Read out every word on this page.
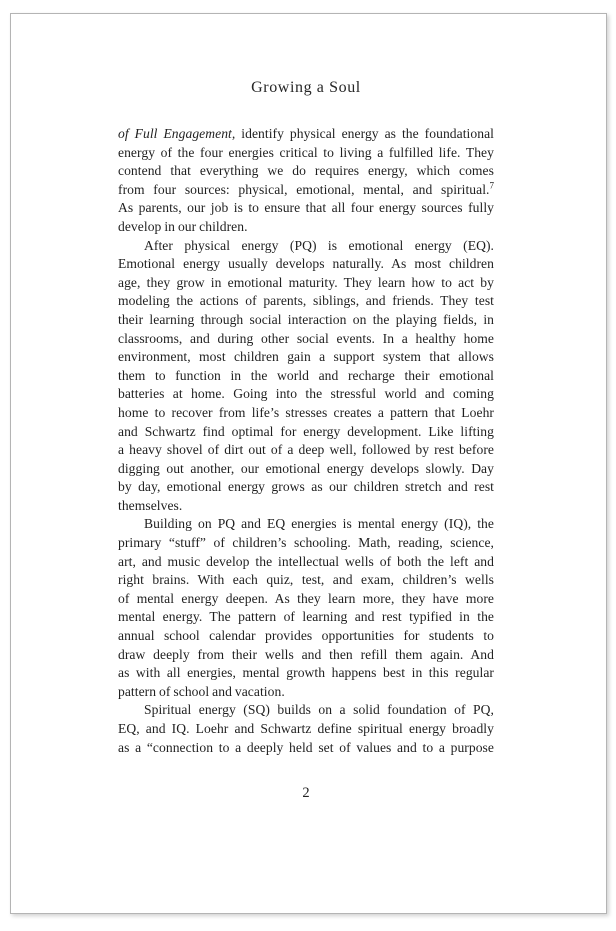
Growing a Soul
of Full Engagement, identify physical energy as the foundational
energy of the four energies critical to living a fulfilled life. They
contend that everything we do requires energy, which comes
from four sources: physical, emotional, mental, and spiritual.$^7$
As parents, our job is to ensure that all four energy sources fully
develop in our children.
After physical energy (PQ) is emotional energy (EQ).
Emotional energy usually develops naturally. As most children
age, they grow in emotional maturity. They learn how to act by
modeling the actions of parents, siblings, and friends. They test
their learning through social interaction on the playing fields, in
classrooms, and during other social events. In a healthy home
environment, most children gain a support system that allows
them to function in the world and recharge their emotional
batteries at home. Going into the stressful world and coming
home to recover from life’s stresses creates a pattern that Loehr
and Schwartz find optimal for energy development. Like lifting
a heavy shovel of dirt out of a deep well, followed by rest before
digging out another, our emotional energy develops slowly. Day
by day, emotional energy grows as our children stretch and rest
themselves.
Building on PQ and EQ energies is mental energy (IQ), the
primary “stuff” of children’s schooling. Math, reading, science,
art, and music develop the intellectual wells of both the left and
right brains. With each quiz, test, and exam, children’s wells
of mental energy deepen. As they learn more, they have more
mental energy. The pattern of learning and rest typified in the
annual school calendar provides opportunities for students to
draw deeply from their wells and then refill them again. And
as with all energies, mental growth happens best in this regular
pattern of school and vacation.
Spiritual energy (SQ) builds on a solid foundation of PQ,
EQ, and IQ. Loehr and Schwartz define spiritual energy broadly
as a “connection to a deeply held set of values and to a purpose
2
